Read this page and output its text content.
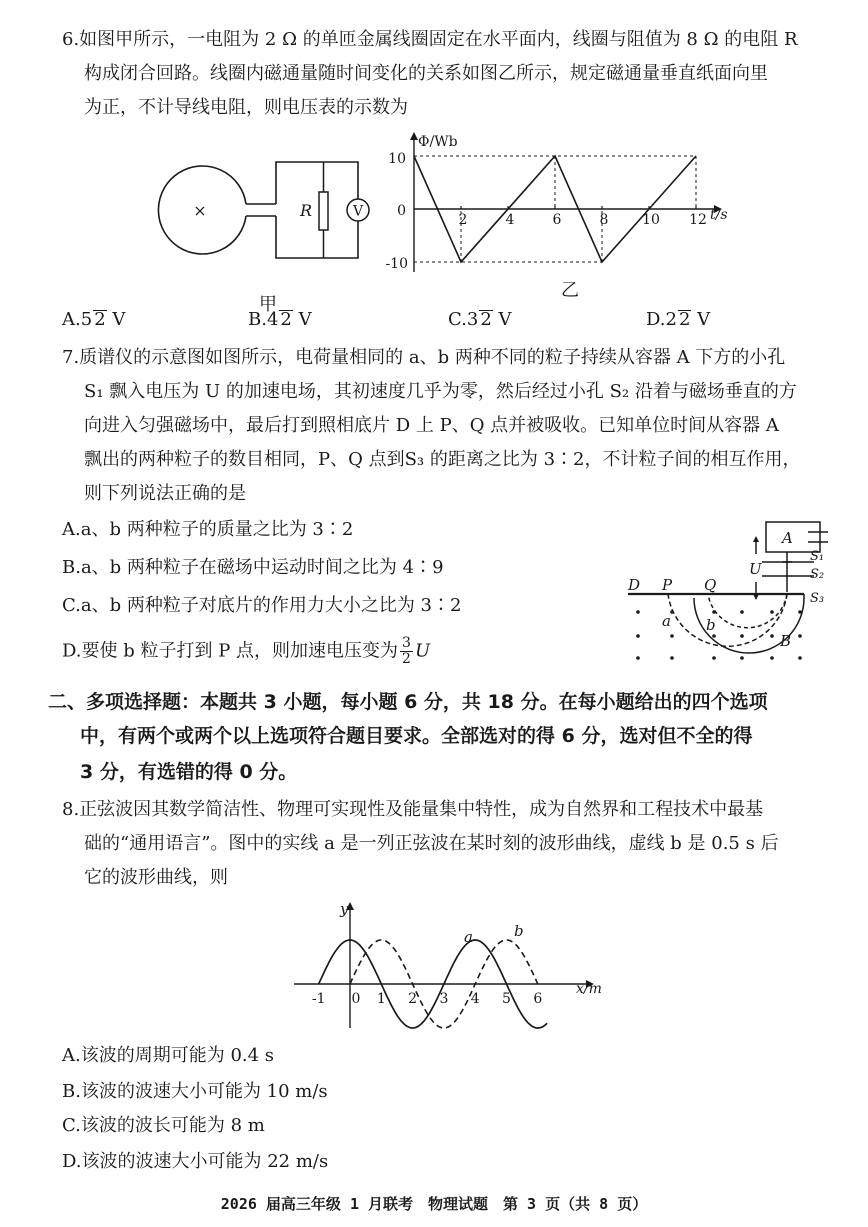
6.如图甲所示，一电阻为 2 Ω 的单匝金属线圈固定在水平面内，线圈与阻值为 8 Ω 的电阻 R
构成闭合回路。线圈内磁通量随时间变化的关系如图乙所示，规定磁通量垂直纸面向里
为正，不计导线电阻，则电压表的示数为
×	R	V
甲
Φ/Wb
t/s
10
0
-10
2	4	6	8 10 12
乙
A.5 2 V	B.4 2 V	C.3 2 V	D.2 2 V
7.质谱仪的示意图如图所示，电荷量相同的 a、b 两种不同的粒子持续从容器 A 下方的小孔
S₁ 飘入电压为 U 的加速电场，其初速度几乎为零，然后经过小孔 S₂ 沿着与磁场垂直的方
向进入匀强磁场中，最后打到照相底片 D 上 P、Q 点并被吸收。已知单位时间从容器 A
飘出的两种粒子的数目相同，P、Q 点到S₃ 的距离之比为 3∶2，不计粒子间的相互作用，
则下列说法正确的是
A.a、b 两种粒子的质量之比为 3∶2
B.a、b 两种粒子在磁场中运动时间之比为 4∶9
C.a、b 两种粒子对底片的作用力大小之比为 3∶2
D.要使 b 粒子打到 P 点，则加速电压变为 $\frac{3}{2}$ U
D P Q
A
U
S₁
S₂
S₃
a b
B
二、多项选择题：本题共 3 小题，每小题 6 分，共 18 分。在每小题给出的四个选项
中，有两个或两个以上选项符合题目要求。全部选对的得 6 分，选对但不全的得
3 分，有选错的得 0 分。
8.正弦波因其数学简洁性、物理可实现性及能量集中特性，成为自然界和工程技术中最基
础的“通用语言”。图中的实线 a 是一列正弦波在某时刻的波形曲线，虚线 b 是 0.5 s 后
它的波形曲线，则
y
x/m
-1 0 1 2 3 4 5 6
a	b
A.该波的周期可能为 0.4 s
B.该波的波速大小可能为 10 m/s
C.该波的波长可能为 8 m
D.该波的波速大小可能为 22 m/s
2026 届高三年级 1 月联考　物理试题　第 3 页（共 8 页）
